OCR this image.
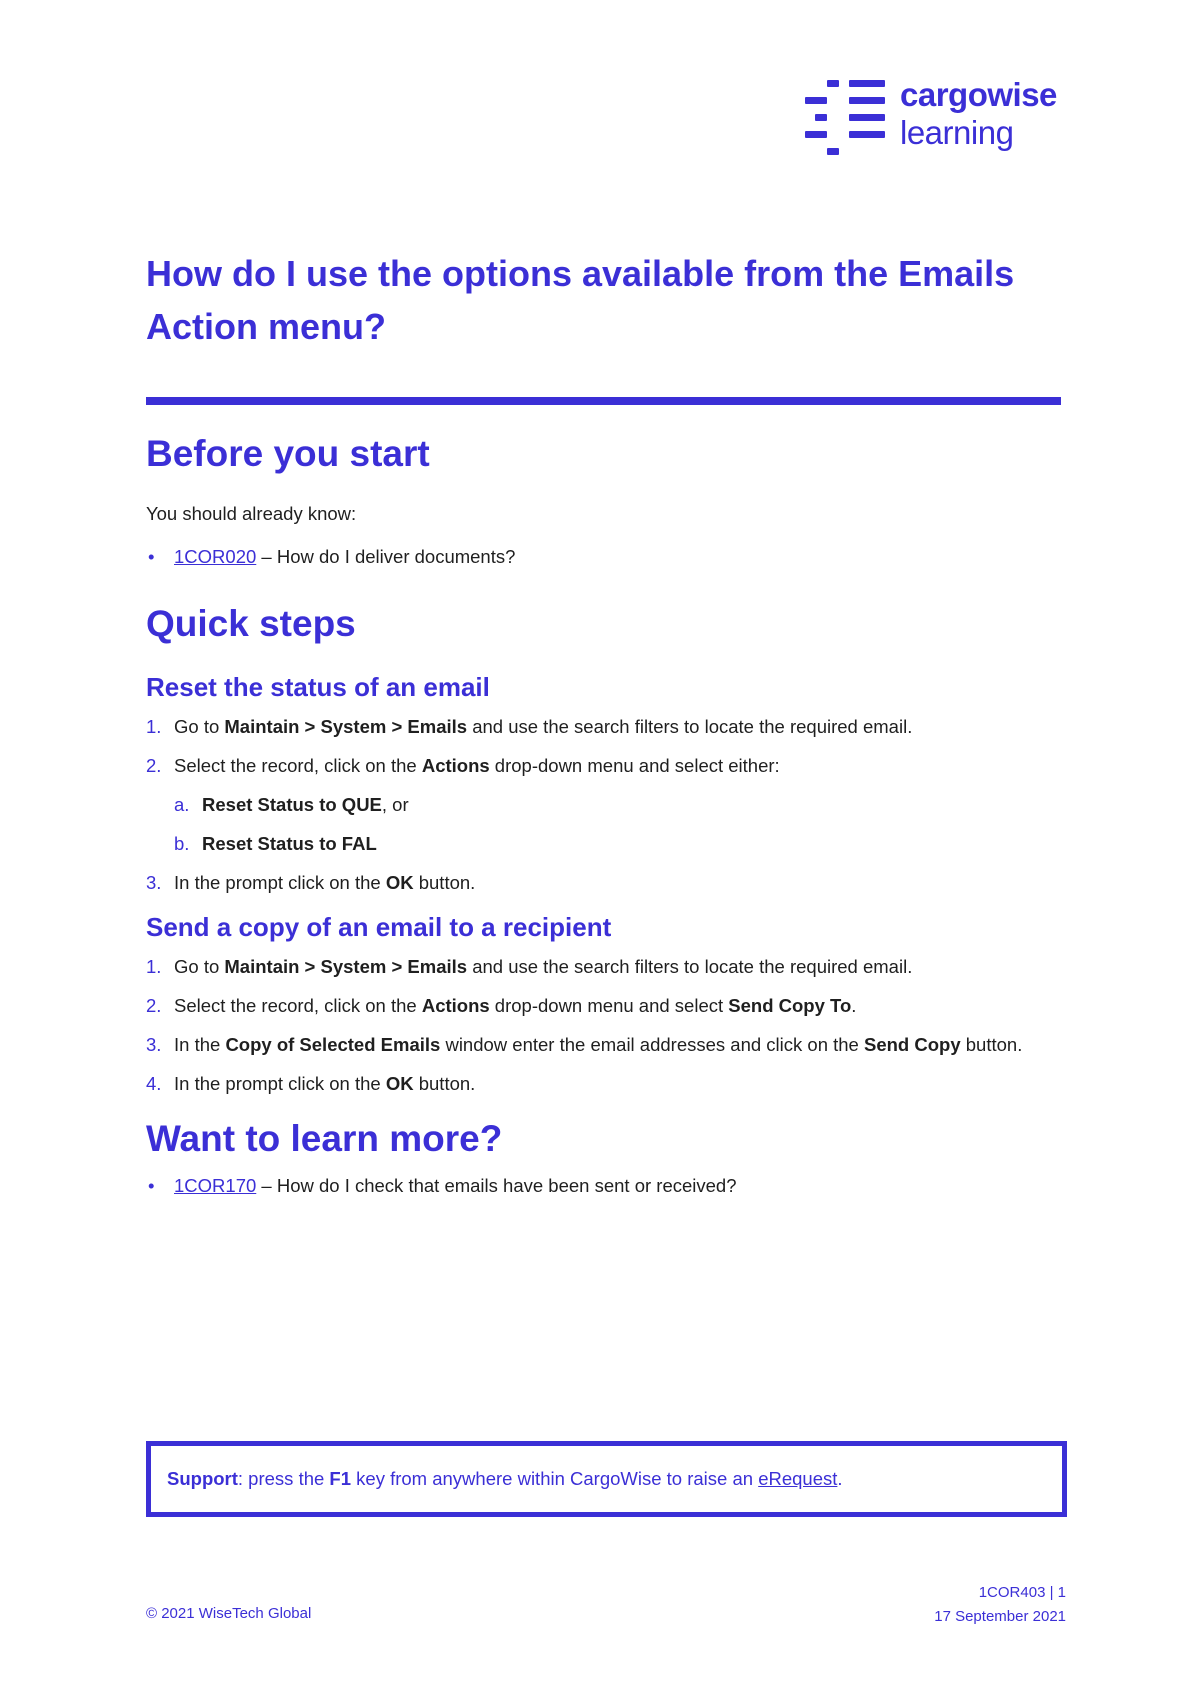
cargowise
learning
How do I use the options available from the Emails Action menu?
Before you start

You should already know:

• 1COR020 – How do I deliver documents?
Quick steps
Reset the status of an email
1. Go to Maintain > System > Emails and use the search filters to locate the required email.
2. Select the record, click on the Actions drop-down menu and select either:
a. Reset Status to QUE, or
b. Reset Status to FAL
3. In the prompt click on the OK button.
Send a copy of an email to a recipient
1. Go to Maintain > System > Emails and use the search filters to locate the required email.
2. Select the record, click on the Actions drop-down menu and select Send Copy To.
3. In the Copy of Selected Emails window enter the email addresses and click on the Send Copy button.
4. In the prompt click on the OK button.
Want to learn more?
• 1COR170 – How do I check that emails have been sent or received?

Support: press the F1 key from anywhere within CargoWise to raise an eRequest.

© 2021 WiseTech Global
1COR403 | 1
17 September 2021
